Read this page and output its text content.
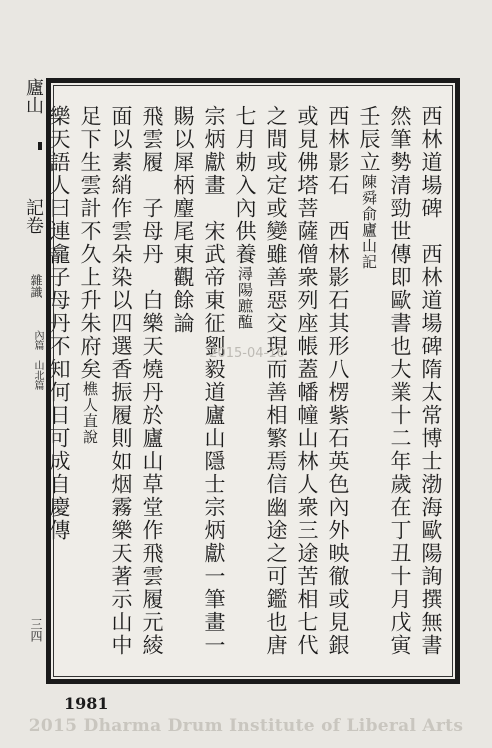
廬山
記卷
雜識
內篇
山北篇
三四
西林道場碑　西林道場碑隋太常博士渤海歐陽詢撰無書
然筆勢清勁世傳即歐書也大業十二年歲在丁丑十月戊寅
壬辰立陳舜俞廬山記
西林影石　西林影石其形八楞紫石英色內外映徹或見銀
或見佛塔菩薩僧衆列座帳蓋幡幢山林人衆三途苦相七代
之間或定或變雖善惡交現而善相繁焉信幽途之可鑑也唐
七月勅入內供養潯陽蹠醢
宗炳獻畫　宋武帝東征劉毅道廬山隱士宗炳獻一筆畫一
賜以犀柄麈尾東觀餘論
飛雲履　子母丹　白樂天燒丹於廬山草堂作飛雲履元綾
面以素綃作雲朵染以四選香振履則如烟霧樂天著示山中
足下生雲計不久上升朱府矣樵人直說
樂天語人曰連龕子母丹不知何日可成自慶傳	2015-04-16
1981
2015 Dharma Drum Institute of Liberal Arts
